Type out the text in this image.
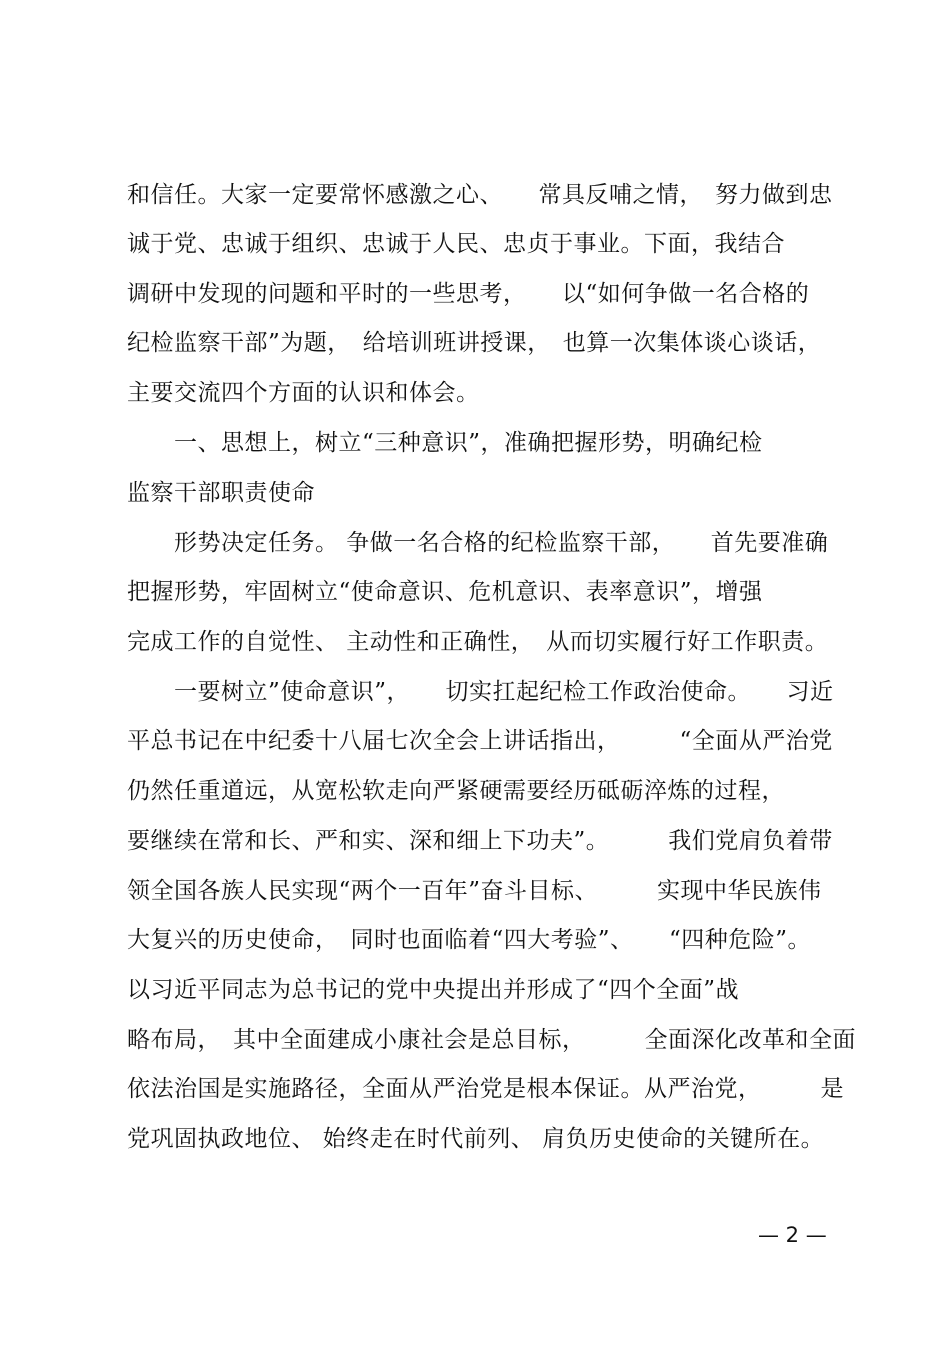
和信任。大家一定要常怀感激之心、　　常具反哺之情，　努力做到忠
诚于党、忠诚于组织、忠诚于人民、忠贞于事业。下面，我结合
调研中发现的问题和平时的一些思考，　　以“如何争做一名合格的
纪检监察干部”为题，　给培训班讲授课，　也算一次集体谈心谈话，
主要交流四个方面的认识和体会。
　　一、思想上，树立“三种意识”，准确把握形势，明确纪检
监察干部职责使命
　　形势决定任务。 争做一名合格的纪检监察干部，　　首先要准确
把握形势，牢固树立“使命意识、危机意识、表率意识”，增强
完成工作的自觉性、 主动性和正确性，　从而切实履行好工作职责。
　　一要树立”使命意识”，　　切实扛起纪检工作政治使命。　　习近
平总书记在中纪委十八届七次全会上讲话指出，　　　“全面从严治党
仍然任重道远，从宽松软走向严紧硬需要经历砥砺淬炼的过程，
要继续在常和长、严和实、深和细上下功夫”。　　　我们党肩负着带
领全国各族人民实现“两个一百年”奋斗目标、　　　实现中华民族伟
大复兴的历史使命，　同时也面临着“四大考验”、　　“四种危险”。
以习近平同志为总书记的党中央提出并形成了“四个全面”战
略布局，　其中全面建成小康社会是总目标，　　　全面深化改革和全面
依法治国是实施路径，全面从严治党是根本保证。从严治党，　　　是
党巩固执政地位、 始终走在时代前列、 肩负历史使命的关键所在。
— 2 —
